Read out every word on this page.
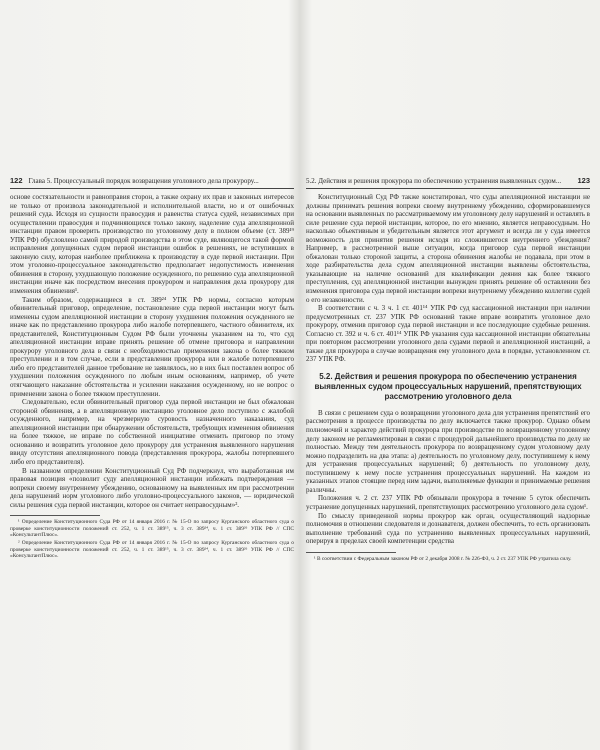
122 Глава 5. Процессуальный порядок возвращения уголовного дела прокурору...

основе состязательности и равноправия сторон, а также охрану их прав и законных интересов не только от произвола законодательной и исполнительной власти, но и от ошибочных решений суда. Исходя из сущности правосудия и равенства статуса судей, независимых при осуществлении правосудия и подчиняющихся только закону, наделение суда апелляционной инстанции правом проверить производство по уголовному делу в полном объеме (ст. 389¹⁹ УПК РФ) обусловлено самой природой производства в этом суде, являющегося такой формой исправления допущенных судом первой инстанции ошибок в решениях, не вступивших в законную силу, которая наиболее приближена к производству в суде первой инстанции. При этом уголовно-процессуальное законодательство предполагает недопустимость изменения обвинения в сторону, ухудшающую положение осужденного, по решению суда апелляционной инстанции иначе как посредством внесения прокурором и направления дела прокурору для изменения обвинения¹.

Таким образом, содержащиеся в ст. 389²⁴ УПК РФ нормы, согласно которым обвинительный приговор, определение, постановление суда первой инстанции могут быть изменены судом апелляционной инстанции в сторону ухудшения положения осужденного не иначе как по представлению прокурора либо жалобе потерпевшего, частного обвинителя, их представителей, Конституционным Судом РФ были уточнены указанием на то, что суд апелляционной инстанции вправе принять решение об отмене приговора и направлении прокурору уголовного дела в связи с необходимостью применения закона о более тяжком преступлении и в том случае, если в представлении прокурора или в жалобе потерпевшего либо его представителей данное требование не заявлялось, но в них был поставлен вопрос об ухудшении положения осужденного по любым иным основаниям, например, об учете отягчающего наказание обстоятельства и усилении наказания осужденному, но не вопрос о применении закона о более тяжком преступлении.

Следовательно, если обвинительный приговор суда первой инстанции не был обжалован стороной обвинения, а в апелляционную инстанцию уголовное дело поступило с жалобой осужденного, например, на чрезмерную суровость назначенного наказания, суд апелляционной инстанции при обнаружении обстоятельств, требующих изменения обвинения на более тяжкое, не вправе по собственной инициативе отменить приговор по этому основанию и возвратить уголовное дело прокурору для устранения выявленного нарушения ввиду отсутствия апелляционного повода (представления прокурора, жалобы потерпевшего либо его представителя).

В названном определении Конституционный Суд РФ подчеркнул, что выработанная им правовая позиция «позволит суду апелляционной инстанции избежать подтверждения — вопреки своему внутреннему убеждению, основанному на выявленных им при рассмотрении дела нарушений норм уголовного либо уголовно-процессуального законов, — юридической силы решения суда первой инстанции, которое он считает неправосудным»².

¹ Определение Конституционного Суда РФ от 14 января 2016 г. № 15-О по запросу Курганского областного суда о проверке конституционности положений ст. 252, ч. 1 ст. 389¹⁵, ч. 3 ст. 389²⁴, ч. 1 ст. 389²⁶ УПК РФ // СПС «КонсультантПлюс».

² Определение Конституционного Суда РФ от 14 января 2016 г. № 15-О по запросу Курганского областного суда о проверке конституционности положений ст. 252, ч. 1 ст. 389¹⁵, ч. 3 ст. 389²⁴, ч. 1 ст. 389²⁶ УПК РФ // СПС «КонсультантПлюс».

5.2. Действия и решения прокурора по обеспечению устранения выявленных судом... 123

Конституционный Суд РФ также констатировал, что суды апелляционной инстанции не должны принимать решения вопреки своему внутреннему убеждению, сформировавшемуся на основании выявленных по рассматриваемому им уголовному делу нарушений и оставлять в силе решение суда первой инстанции, которое, по его мнению, является неправосудным. Но насколько объективным и убедительным является этот аргумент и всегда ли у суда имеется возможность для принятия решения исходя из сложившегося внутреннего убеждения? Например, в рассмотренной выше ситуации, когда приговор суда первой инстанции обжалован только стороной защиты, а сторона обвинения жалобы не подавала, при этом в ходе разбирательства дела судом апелляционной инстанции выявлены обстоятельства, указывающие на наличие оснований для квалификации деяния как более тяжкого преступления, суд апелляционной инстанции вынужден принять решение об оставлении без изменения приговора суда первой инстанции вопреки внутреннему убеждению коллегии судей о его незаконности.

В соответствии с ч. 3 ч. 1 ст. 401¹⁴ УПК РФ суд кассационной инстанции при наличии предусмотренных ст. 237 УПК РФ оснований также вправе возвратить уголовное дело прокурору, отменив приговор суда первой инстанции и все последующие судебные решения. Согласно ст. 392 и ч. 6 ст. 401¹⁴ УПК РФ указания суда кассационной инстанции обязательны при повторном рассмотрении уголовного дела судами первой и апелляционной инстанций, а также для прокурора в случае возвращения ему уголовного дела в порядке, установленном ст. 237 УПК РФ.

5.2. Действия и решения прокурора по обеспечению устранения выявленных судом процессуальных нарушений, препятствующих рассмотрению уголовного дела

В связи с решением суда о возвращении уголовного дела для устранения препятствий его рассмотрения в процессе производства по делу включается также прокурор. Однако объем полномочий и характер действий прокурора при производстве по возвращенному уголовному делу законом не регламентирован в связи с процедурой дальнейшего производства по делу не полностью. Между тем деятельность прокурора по возвращенному судом уголовному делу можно подразделить на два этапа: а) деятельность по уголовному делу, поступившему к нему для устранения процессуальных нарушений; б) деятельность по уголовному делу, поступившему к нему после устранения процессуальных нарушений. На каждом из указанных этапов стоящие перед ним задачи, выполняемые функции и принимаемые решения различны.

Положения ч. 2 ст. 237 УПК РФ обязывали прокурора в течение 5 суток обеспечить устранение допущенных нарушений, препятствующих рассмотрению уголовного дела судом¹.

По смыслу приведенной нормы прокурор как орган, осуществляющий надзорные полномочия в отношении следователя и дознавателя, должен обеспечить, то есть организовать выполнение требований суда по устранению выявленных процессуальных нарушений, оперируя в пределах своей компетенции средства

¹ В соответствии с Федеральным законом РФ от 2 декабря 2008 г. № 226-ФЗ, ч. 2 ст. 237 УПК РФ утратила силу.
